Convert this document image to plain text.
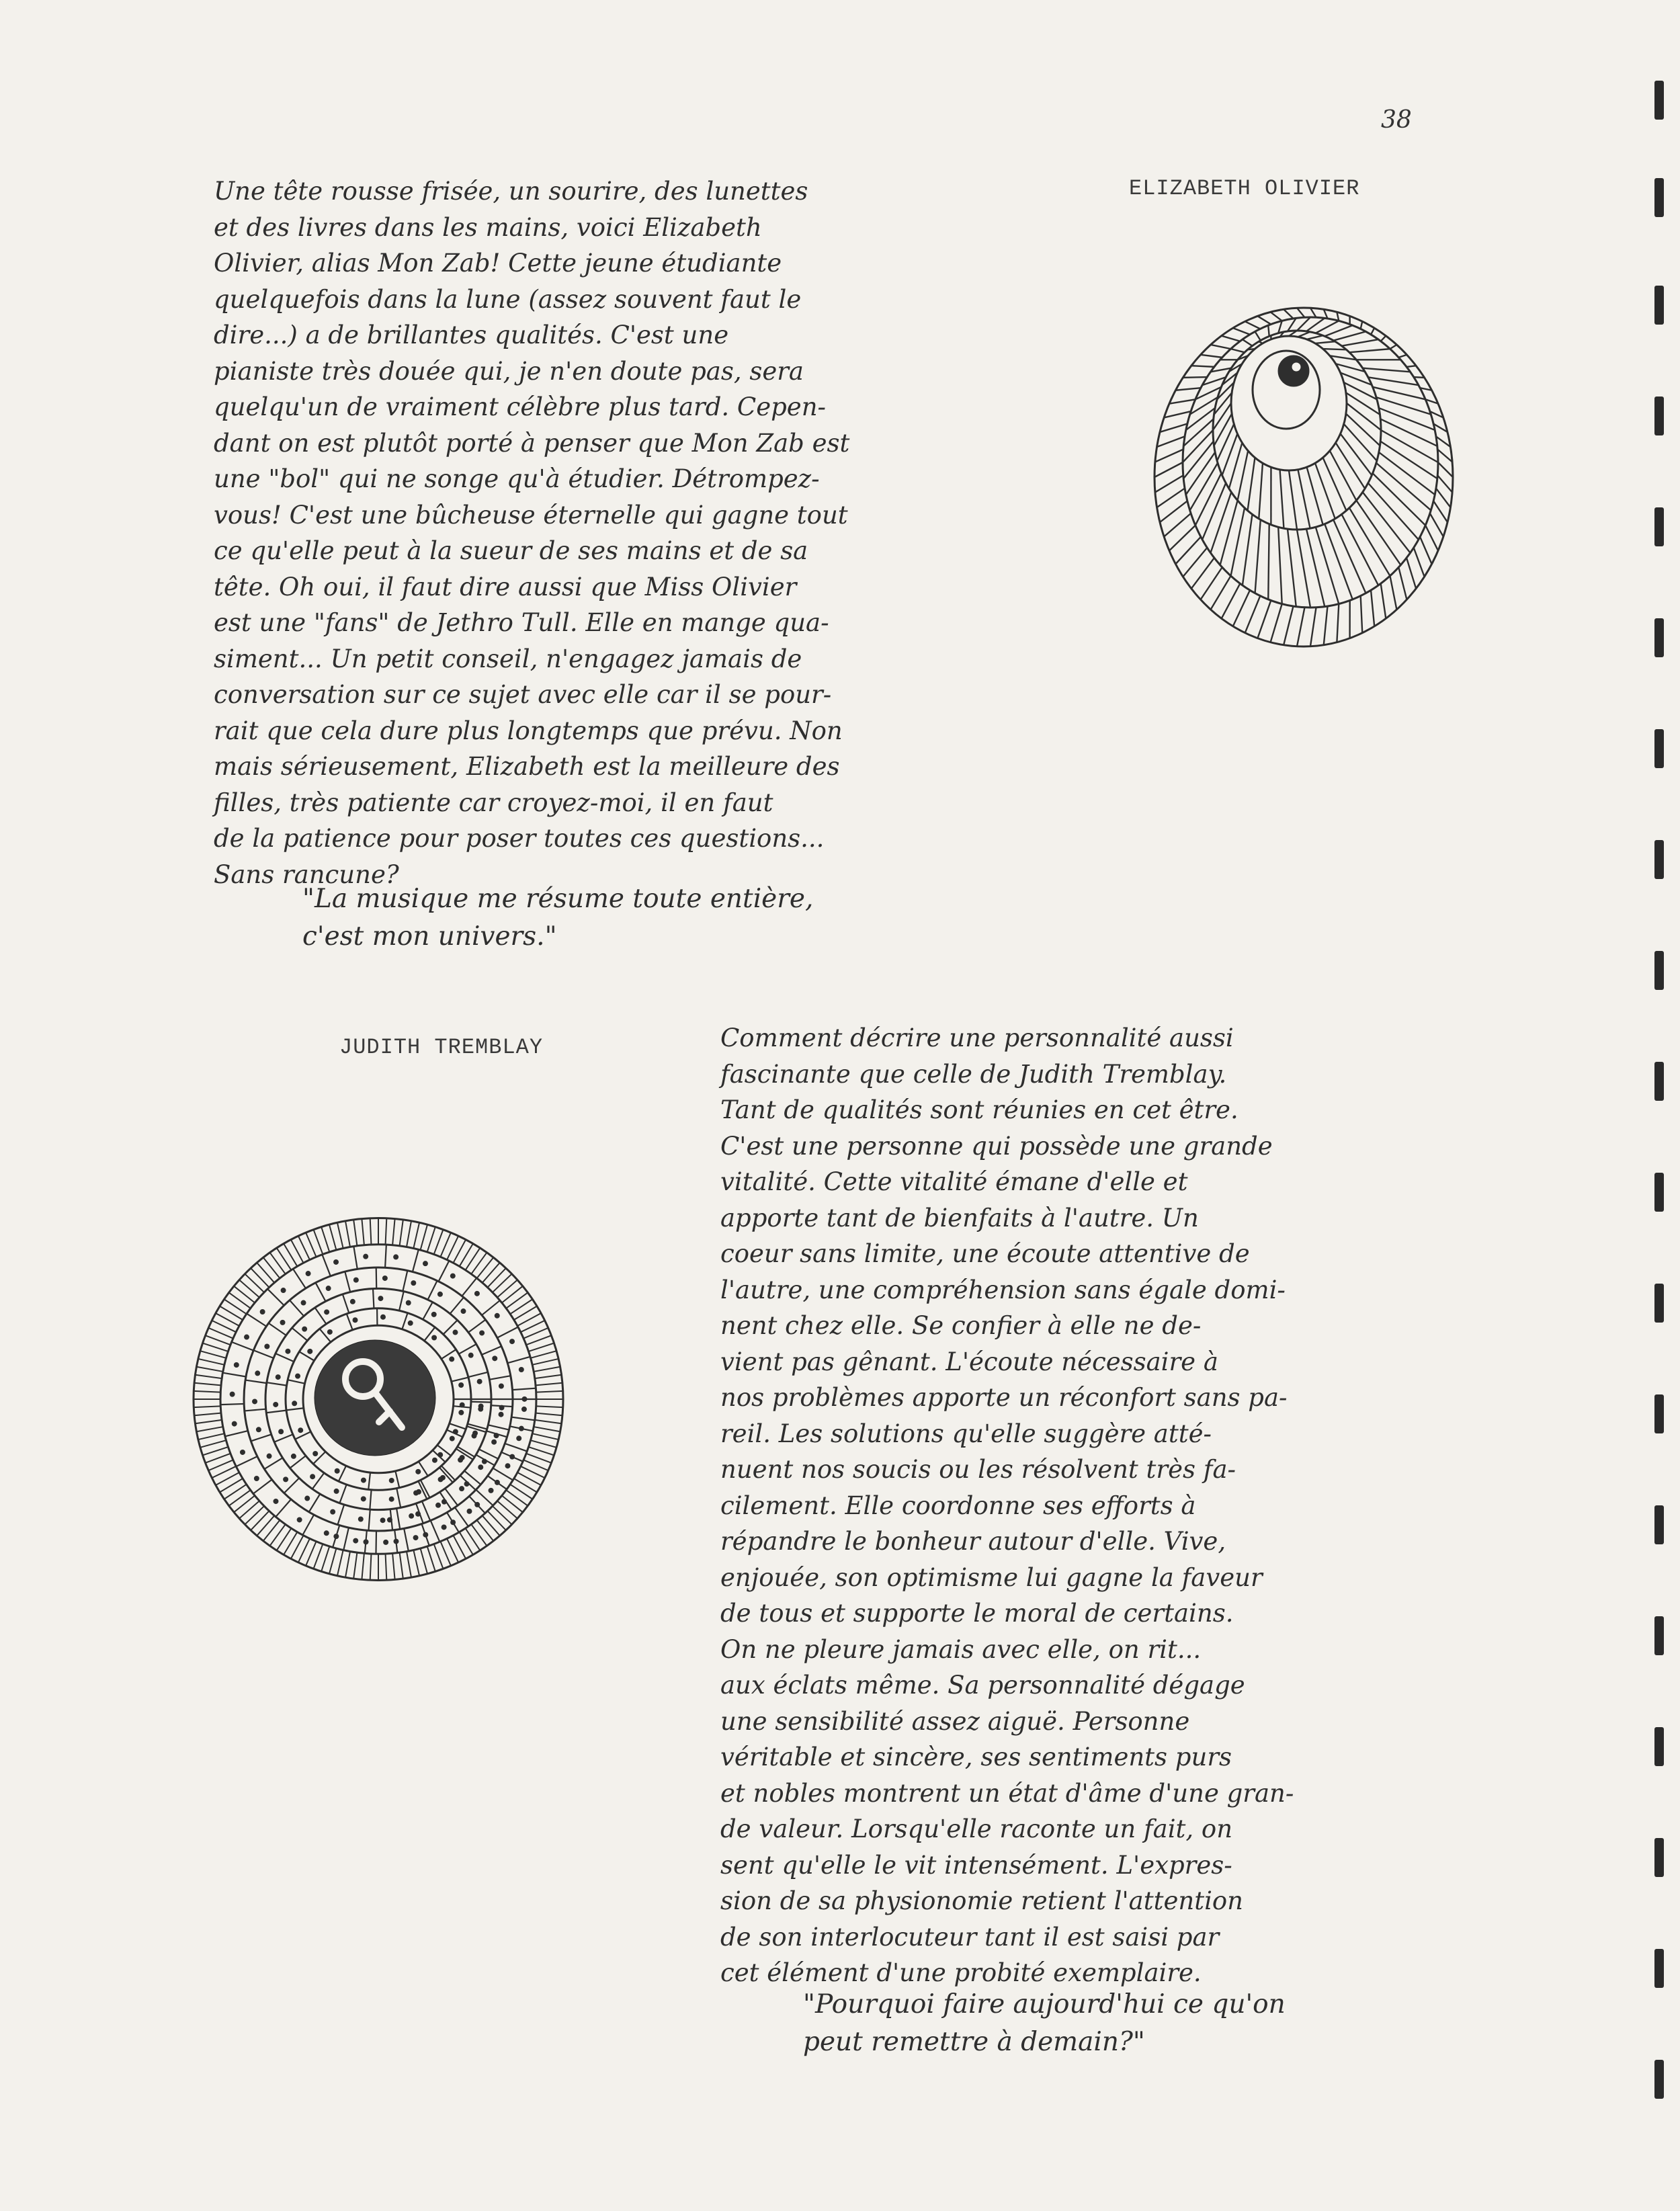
38
ELIZABETH OLIVIER

Une tête rousse frisée, un sourire, des lunettes
et des livres dans les mains, voici Elizabeth
Olivier, alias Mon Zab! Cette jeune étudiante
quelquefois dans la lune (assez souvent faut le
dire...) a de brillantes qualités. C'est une
pianiste très douée qui, je n'en doute pas, sera
quelqu'un de vraiment célèbre plus tard. Cepen-
dant on est plutôt porté à penser que Mon Zab est
une "bol" qui ne songe qu'à étudier. Détrompez-
vous! C'est une bûcheuse éternelle qui gagne tout
ce qu'elle peut à la sueur de ses mains et de sa
tête. Oh oui, il faut dire aussi que Miss Olivier
est une "fans" de Jethro Tull. Elle en mange qua-
siment... Un petit conseil, n'engagez jamais de
conversation sur ce sujet avec elle car il se pour-
rait que cela dure plus longtemps que prévu. Non
mais sérieusement, Elizabeth est la meilleure des
filles, très patiente car croyez-moi, il en faut
de la patience pour poser toutes ces questions...
Sans rancune?

"La musique me résume toute entière,
c'est mon univers."

JUDITH TREMBLAY	Comment décrire une personnalité aussi
fascinante que celle de Judith Tremblay.
Tant de qualités sont réunies en cet être.
C'est une personne qui possède une grande
vitalité. Cette vitalité émane d'elle et
apporte tant de bienfaits à l'autre. Un
coeur sans limite, une écoute attentive de
l'autre, une compréhension sans égale domi-
nent chez elle. Se confier à elle ne de-
vient pas gênant. L'écoute nécessaire à
nos problèmes apporte un réconfort sans pa-
reil. Les solutions qu'elle suggère atté-
nuent nos soucis ou les résolvent très fa-
cilement. Elle coordonne ses efforts à
répandre le bonheur autour d'elle. Vive,
enjouée, son optimisme lui gagne la faveur
de tous et supporte le moral de certains.
On ne pleure jamais avec elle, on rit...
aux éclats même. Sa personnalité dégage
une sensibilité assez aiguë. Personne
véritable et sincère, ses sentiments purs
et nobles montrent un état d'âme d'une gran-
de valeur. Lorsqu'elle raconte un fait, on
sent qu'elle le vit intensément. L'expres-
sion de sa physionomie retient l'attention
de son interlocuteur tant il est saisi par
cet élément d'une probité exemplaire.

"Pourquoi faire aujourd'hui ce qu'on
peut remettre à demain?"
